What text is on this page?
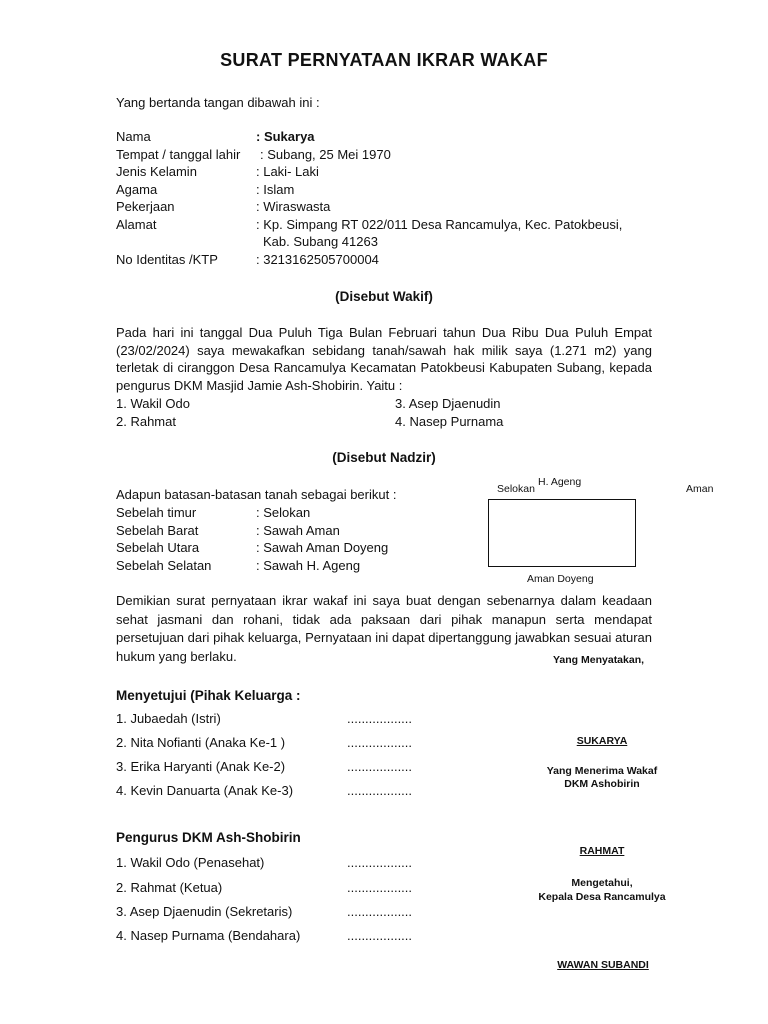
SURAT PERNYATAAN IKRAR WAKAF
Yang bertanda tangan dibawah ini :
Nama	: Sukarya
Tempat / tanggal lahir : Subang, 25 Mei 1970
Jenis Kelamin	: Laki- Laki
Agama	: Islam
Pekerjaan	: Wiraswasta
Alamat	: Kp. Simpang RT 022/011 Desa Rancamulya, Kec. Patokbeusi,
Kab. Subang 41263
No Identitas /KTP	: 3213162505700004
(Disebut Wakif)

Pada hari ini tanggal Dua Puluh Tiga Bulan Februari tahun Dua Ribu Dua Puluh Empat (23/02/2024) saya mewakafkan sebidang tanah/sawah hak milik saya (1.271 m2) yang terletak di ciranggon Desa Rancamulya Kecamatan Patokbeusi Kabupaten Subang, kepada pengurus DKM Masjid Jamie Ash-Shobirin. Yaitu :

1. Wakil Odo
2. Rahmat
3. Asep Djaenudin
4. Nasep Purnama
(Disebut Nadzir)
Adapun batasan-batasan tanah sebagai berikut :
Sebelah timur	: Selokan
Sebelah Barat	: Sawah Aman
Sebelah Utara	: Sawah Aman Doyeng
Sebelah Selatan	: Sawah H. Ageng
Selokan
H. Ageng
Aman
Aman Doyeng

Demikian surat pernyataan ikrar wakaf ini saya buat dengan sebenarnya dalam keadaan sehat jasmani dan rohani, tidak ada paksaan dari pihak manapun serta mendapat persetujuan dari pihak keluarga, Pernyataan ini dapat dipertanggung jawabkan sesuai aturan hukum yang berlaku.	Yang Menyatakan,
Menyetujui (Pihak Keluarga :
1. Jubaedah (Istri)	..................
2. Nita Nofianti (Anaka Ke-1 )	..................
3. Erika Haryanti (Anak Ke-2)	..................
4. Kevin Danuarta (Anak Ke-3)	..................
SUKARYA
Yang Menerima Wakaf
DKM Ashobirin
Pengurus DKM Ash-Shobirin
1. Wakil Odo (Penasehat)	..................
2. Rahmat (Ketua)	..................
3. Asep Djaenudin (Sekretaris)	..................
4. Nasep Purnama (Bendahara)	..................
RAHMAT
Mengetahui,
Kepala Desa Rancamulya
WAWAN SUBANDI
